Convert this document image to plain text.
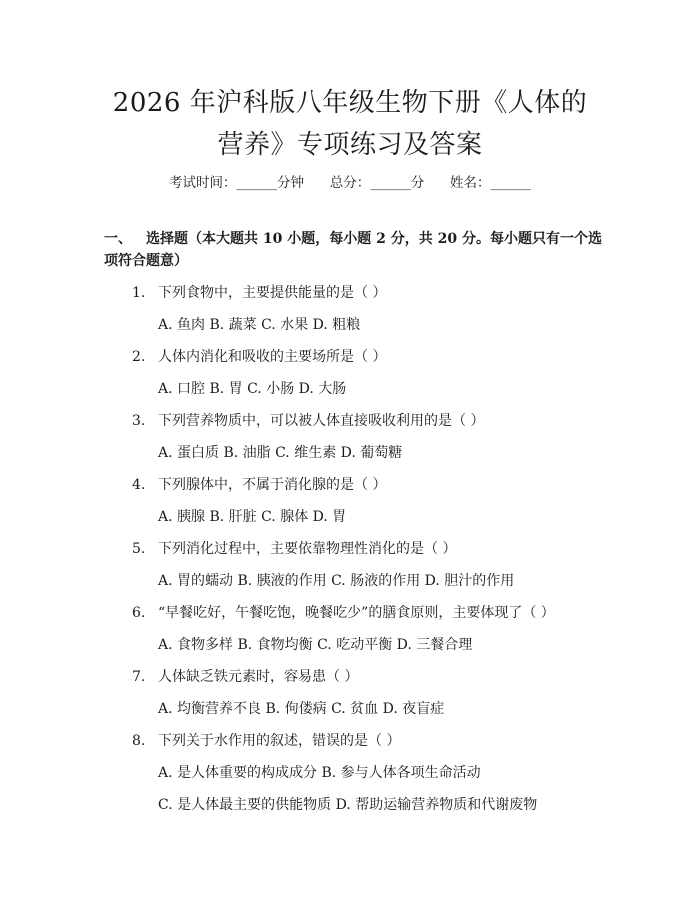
2026 年沪科版八年级生物下册《人体的营养》专项练习及答案
考试时间：______分钟      总分：______分      姓名：______
一、 选择题（本大题共 10 小题，每小题 2 分，共 20 分。每小题只有一个选项符合题意）
1. 下列食物中，主要提供能量的是（ ）
A. 鱼肉 B. 蔬菜 C. 水果 D. 粗粮
2. 人体内消化和吸收的主要场所是（ ）
A. 口腔 B. 胃 C. 小肠 D. 大肠
3. 下列营养物质中，可以被人体直接吸收利用的是（ ）
A. 蛋白质 B. 油脂 C. 维生素 D. 葡萄糖
4. 下列腺体中，不属于消化腺的是（ ）
A. 胰腺 B. 肝脏 C. 腺体 D. 胃
5. 下列消化过程中，主要依靠物理性消化的是（ ）
A. 胃的蠕动 B. 胰液的作用 C. 肠液的作用 D. 胆汁的作用
6. “早餐吃好，午餐吃饱，晚餐吃少”的膳食原则，主要体现了（ ）
A. 食物多样 B. 食物均衡 C. 吃动平衡 D. 三餐合理
7. 人体缺乏铁元素时，容易患（ ）
A. 均衡营养不良 B. 佝偻病 C. 贫血 D. 夜盲症
8. 下列关于水作用的叙述，错误的是（ ）
A. 是人体重要的构成成分 B. 参与人体各项生命活动
C. 是人体最主要的供能物质 D. 帮助运输营养物质和代谢废物
